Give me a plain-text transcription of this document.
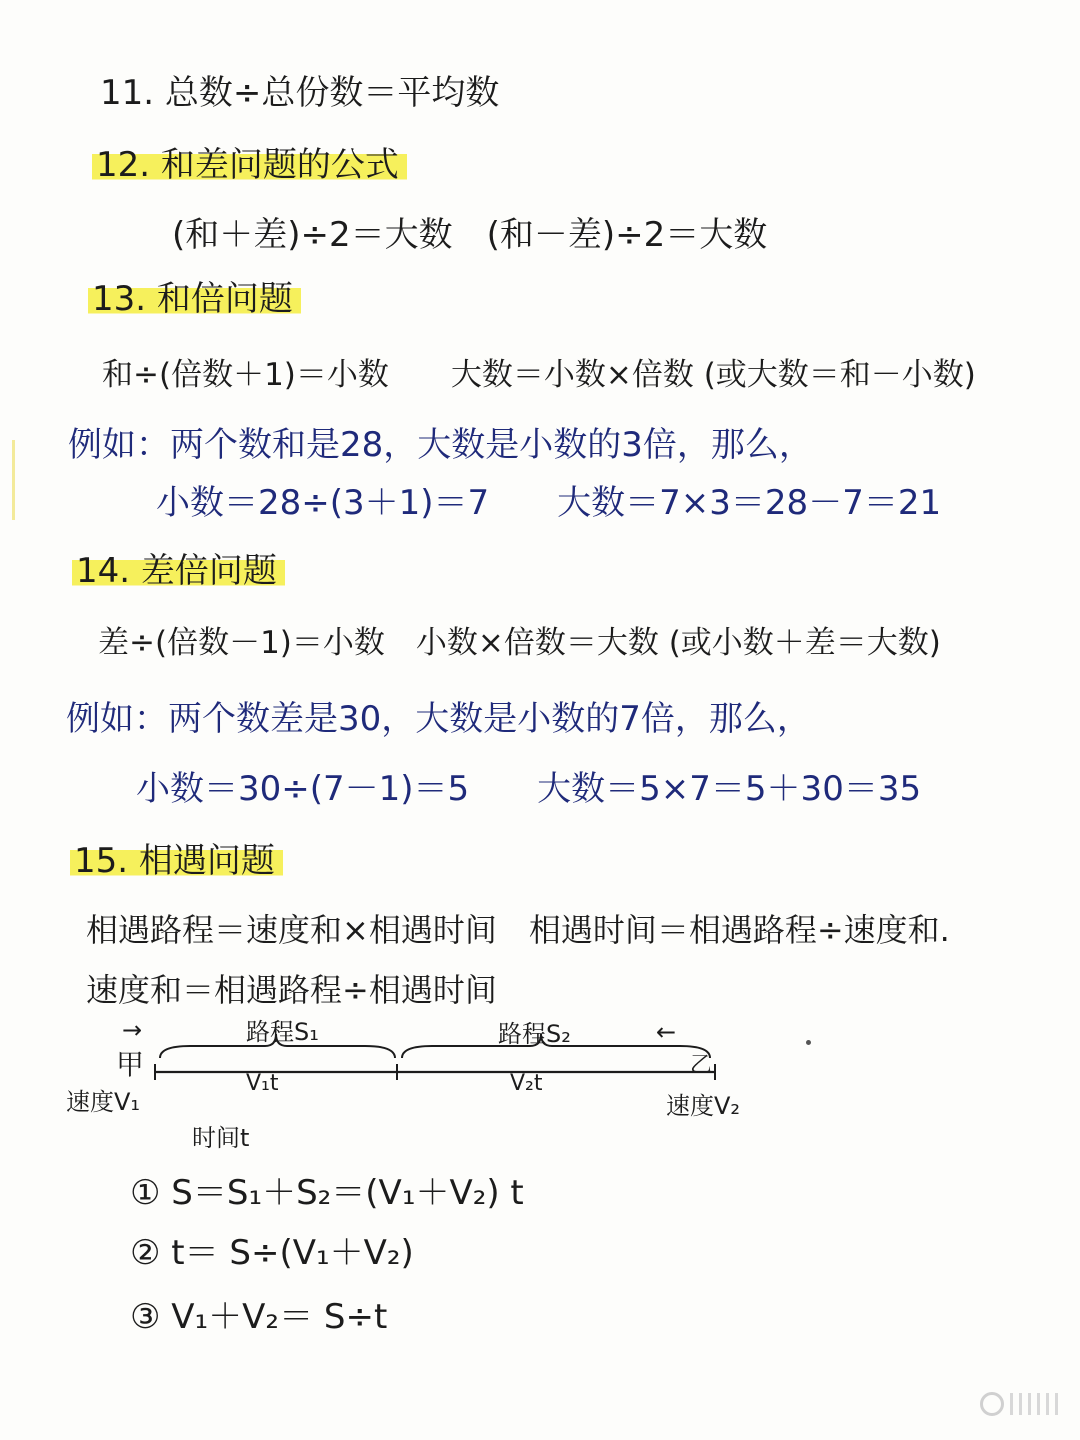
11. 总数÷总份数＝平均数
12. 和差问题的公式
(和＋差)÷2＝大数　(和－差)÷2＝大数
13. 和倍问题
和÷(倍数＋1)＝小数　　大数＝小数×倍数 (或大数＝和－小数)
例如：两个数和是28，大数是小数的3倍，那么，
小数＝28÷(3＋1)＝7　　大数＝7×3＝28－7＝21
14. 差倍问题
差÷(倍数－1)＝小数　小数×倍数＝大数 (或小数＋差＝大数)
例如：两个数差是30，大数是小数的7倍，那么，
小数＝30÷(7－1)＝5　　大数＝5×7＝5＋30＝35
15. 相遇问题
相遇路程＝速度和×相遇时间　相遇时间＝相遇路程÷速度和.
速度和＝相遇路程÷相遇时间
→	←
路程S₁	路程S₂
甲	乙
V₁t	V₂t
速度V₁	速度V₂
时间t
① S＝S₁＋S₂＝(V₁＋V₂) t
② t＝ S÷(V₁＋V₂)
③ V₁＋V₂＝ S÷t
